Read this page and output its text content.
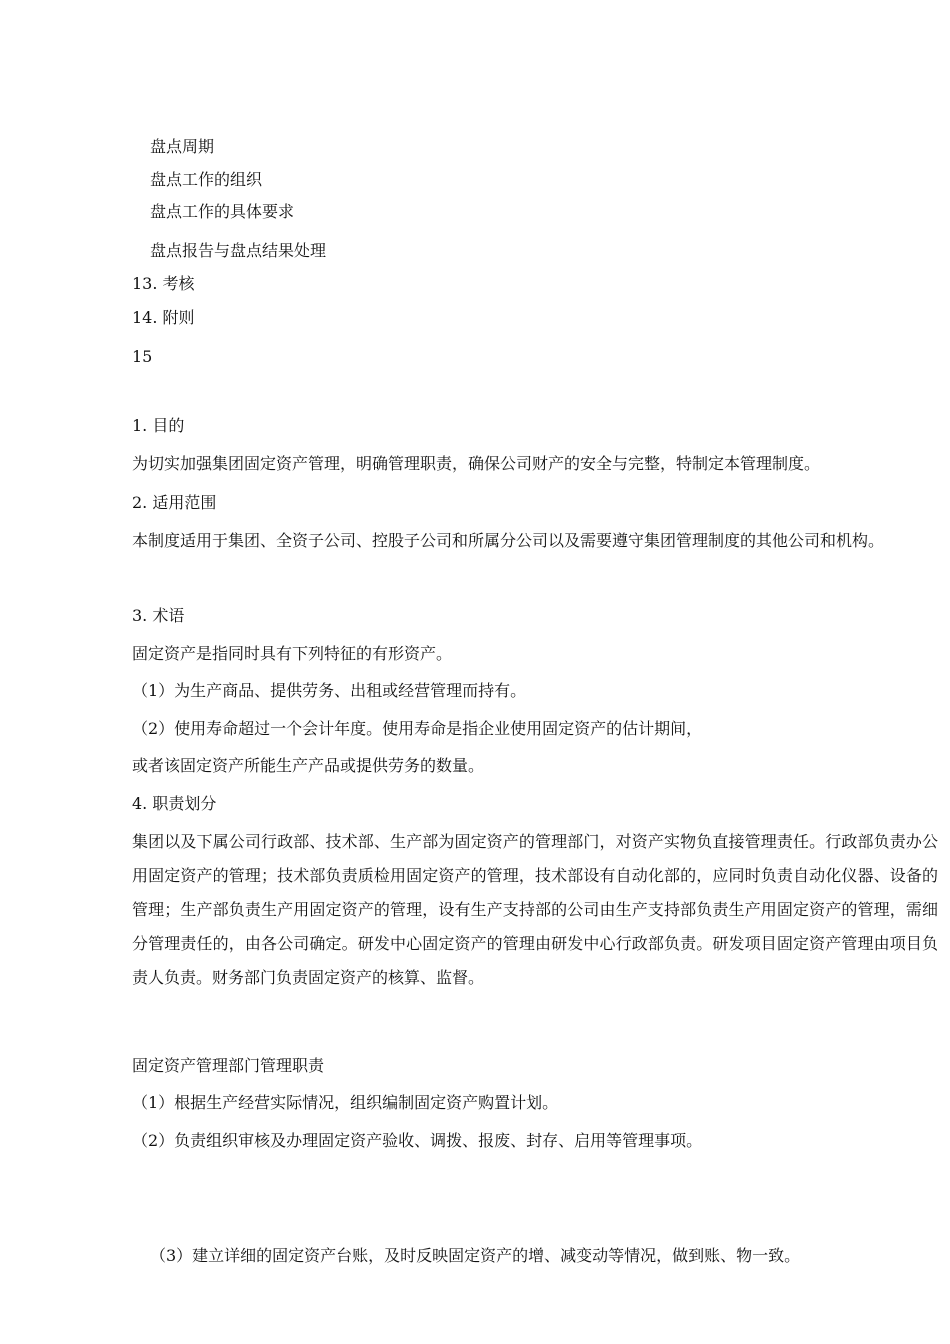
盘点周期
盘点工作的组织
盘点工作的具体要求
盘点报告与盘点结果处理
13. 考核
14. 附则
15
1. 目的
为切实加强集团固定资产管理，明确管理职责，确保公司财产的安全与完整，特制定本管理制度。
2. 适用范围
本制度适用于集团、全资子公司、控股子公司和所属分公司以及需要遵守集团管理制度的其他公司和机构。
3. 术语
固定资产是指同时具有下列特征的有形资产。
（1）为生产商品、提供劳务、出租或经营管理而持有。
（2）使用寿命超过一个会计年度。使用寿命是指企业使用固定资产的估计期间，
或者该固定资产所能生产产品或提供劳务的数量。
4. 职责划分
集团以及下属公司行政部、技术部、生产部为固定资产的管理部门，对资产实物负直接管理责任。行政部负责办公用固定资产的管理；技术部负责质检用固定资产的管理，技术部设有自动化部的，应同时负责自动化仪器、设备的管理；生产部负责生产用固定资产的管理，设有生产支持部的公司由生产支持部负责生产用固定资产的管理，需细分管理责任的，由各公司确定。研发中心固定资产的管理由研发中心行政部负责。研发项目固定资产管理由项目负责人负责。财务部门负责固定资产的核算、监督。
固定资产管理部门管理职责
（1）根据生产经营实际情况，组织编制固定资产购置计划。
（2）负责组织审核及办理固定资产验收、调拨、报废、封存、启用等管理事项。
（3）建立详细的固定资产台账，及时反映固定资产的增、减变动等情况，做到账、物一致。
